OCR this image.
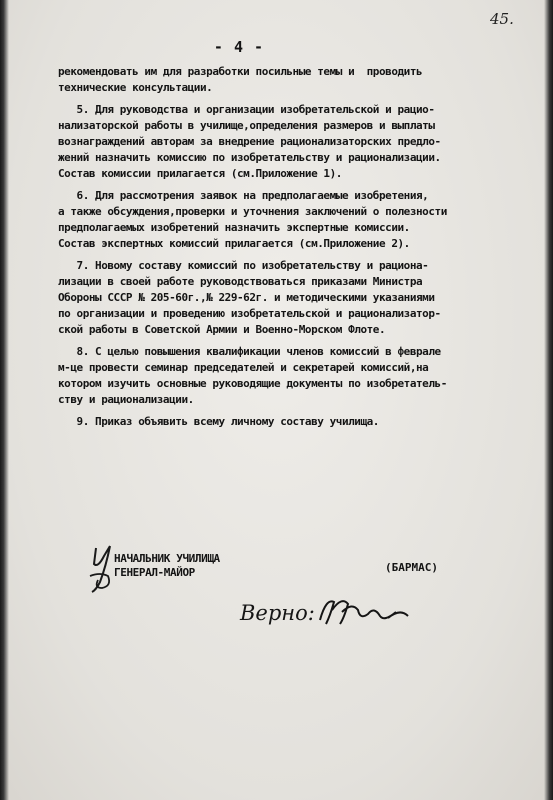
45.
- 4 -
рекомендовать им для разработки посильные темы и  проводить
технические консультации.
5. Для руководства и организации изобретательской и рацио-
нализаторской работы в училище,определения размеров и выплаты
вознаграждений авторам за внедрение рационализаторских предло-
жений назначить комиссию по изобретательству и рационализации.
Состав комиссии прилагается (см.Приложение 1).
6. Для рассмотрения заявок на предполагаемые изобретения,
а также обсуждения,проверки и уточнения заключений о полезности
предполагаемых изобретений назначить экспертные комиссии.
Состав экспертных комиссий прилагается (см.Приложение 2).
7. Новому составу комиссий по изобретательству и рациона-
лизации в своей работе руководствоваться приказами Министра
Обороны СССР № 205-60г.,№ 229-62г. и методическими указаниями
по организации и проведению изобретательской и рационализатор-
ской работы в Советской Армии и Военно-Морском Флоте.
8. С целью повышения квалификации членов комиссий в феврале
м-це провести семинар председателей и секретарей комиссий,на
котором изучить основные руководящие документы по изобретатель-
ству и рационализации.
9. Приказ объявить всему личному составу училища.
НАЧАЛЬНИК УЧИЛИЩА
ГЕНЕРАЛ-МАЙОР	(БАРМАС)
Верно:
